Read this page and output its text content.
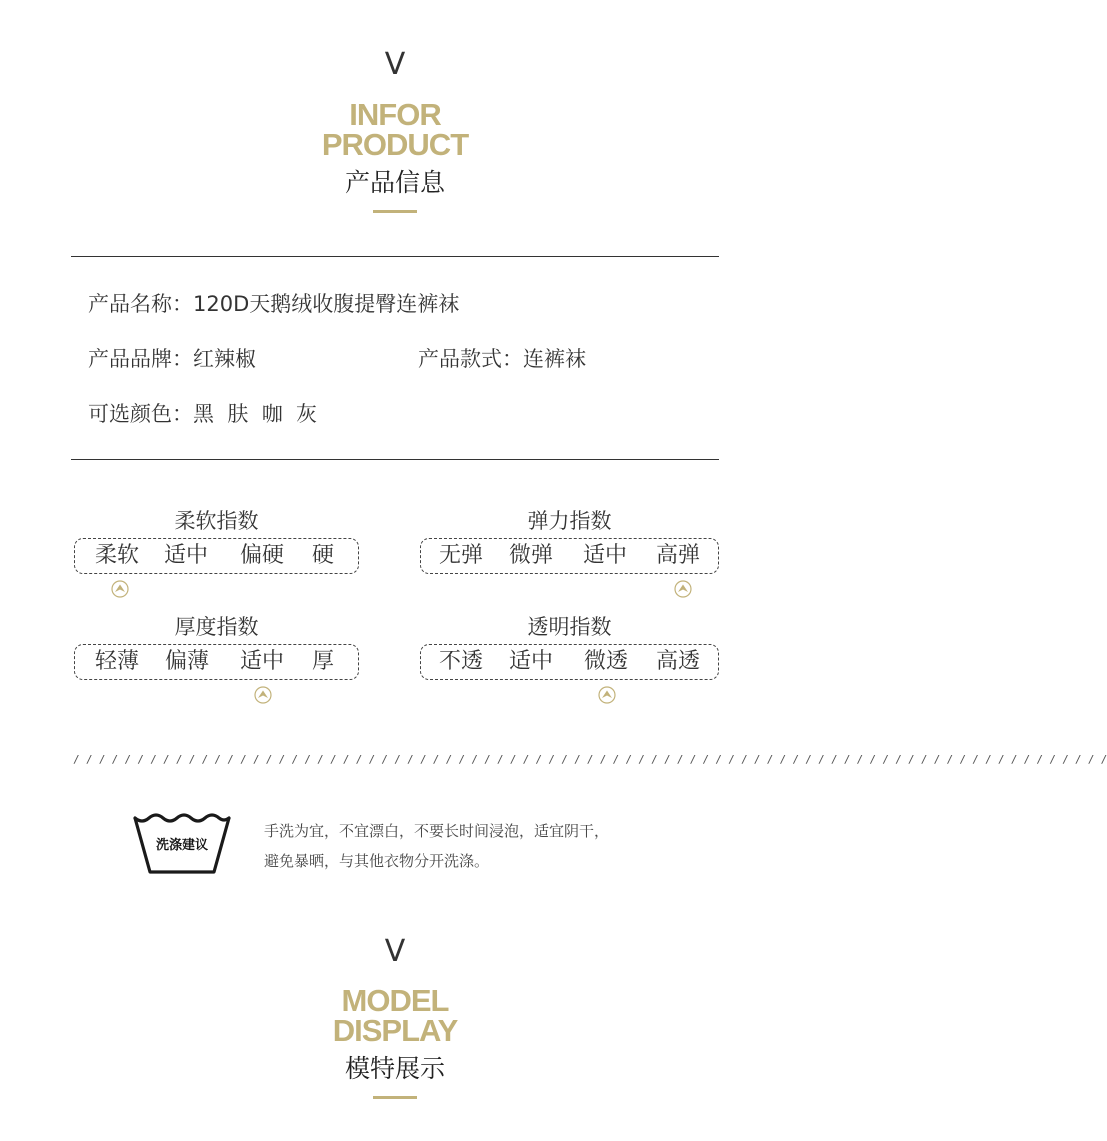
V
INFOR
PRODUCT
产品信息
产品名称：120D天鹅绒收腹提臀连裤袜
产品品牌：红辣椒	产品款式：连裤袜
可选颜色：黑  肤  咖  灰
柔软指数
柔软 适中 偏硬 硬
弹力指数
无弹 微弹 适中 高弹
厚度指数
轻薄 偏薄 适中 厚
透明指数
不透 适中 微透 高透
/ / / / / / / / / / / / / / / / / / / / / / / / / / / / / / / / / / / / / / / / / / / / / / / / / / / / / / / / / / / / / / / / / / / / / / / / / / / / / / / / /
洗涤建议
手洗为宜，不宜漂白，不要长时间浸泡，适宜阴干，
避免暴晒，与其他衣物分开洗涤。
V
MODEL
DISPLAY
模特展示
